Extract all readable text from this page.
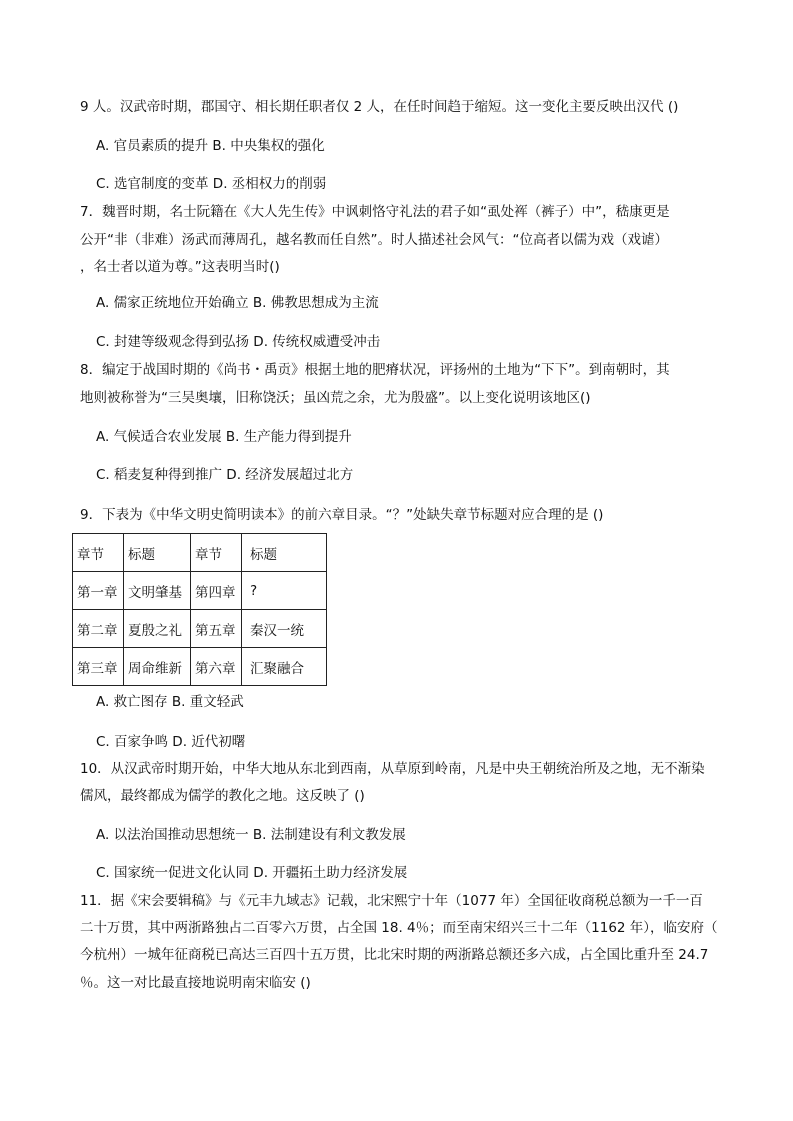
9 人。汉武帝时期，郡国守、相长期任职者仅 2 人，在任时间趋于缩短。这一变化主要反映出汉代 ()
A. 官员素质的提升 B. 中央集权的强化
C. 选官制度的变革 D. 丞相权力的削弱
7．魏晋时期，名士阮籍在《大人先生传》中讽刺恪守礼法的君子如“虱处裈（裤子）中”，嵇康更是
公开“非（非难）汤武而薄周孔，越名教而任自然”。时人描述社会风气：“位高者以儒为戏（戏谑）
，名士者以道为尊。”这表明当时()
A. 儒家正统地位开始确立 B. 佛教思想成为主流
C. 封建等级观念得到弘扬 D. 传统权威遭受冲击
8．编定于战国时期的《尚书・禹贡》根据土地的肥瘠状况，评扬州的土地为“下下”。到南朝时，其
地则被称誉为“三吴奥壤，旧称饶沃；虽凶荒之余，尤为殷盛”。以上变化说明该地区()
A. 气候适合农业发展 B. 生产能力得到提升
C. 稻麦复种得到推广 D. 经济发展超过北方
9．下表为《中华文明史简明读本》的前六章目录。“？”处缺失章节标题对应合理的是 ()
章节	标题	章节	标题
第一章	文明肇基	第四章	?
第二章	夏殷之礼	第五章	秦汉一统
第三章	周命维新	第六章	汇聚融合
A. 救亡图存 B. 重文轻武
C. 百家争鸣 D. 近代初曙
10．从汉武帝时期开始，中华大地从东北到西南，从草原到岭南，凡是中央王朝统治所及之地，无不渐染
儒风，最终都成为儒学的教化之地。这反映了 ()
A. 以法治国推动思想统一 B. 法制建设有利文教发展
C. 国家统一促进文化认同 D. 开疆拓土助力经济发展
11．据《宋会要辑稿》与《元丰九域志》记载，北宋熙宁十年（1077 年）全国征收商税总额为一千一百
二十万贯，其中两浙路独占二百零六万贯，占全国 18. 4％；而至南宋绍兴三十二年（1162 年），临安府（
今杭州）一城年征商税已高达三百四十五万贯，比北宋时期的两浙路总额还多六成，占全国比重升至 24.7
％。这一对比最直接地说明南宋临安 ()
